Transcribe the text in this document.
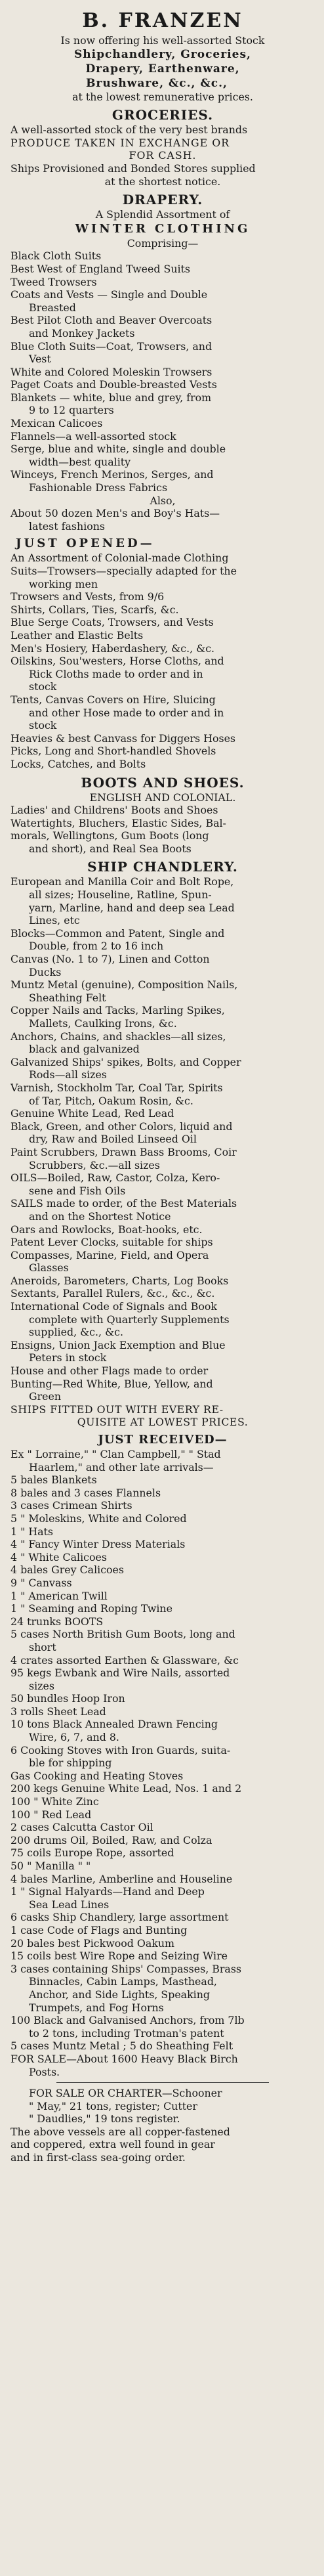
B. FRANZEN
Is now offering his well-assorted Stock
Shipchandlery, Groceries,
Drapery, Earthenware,
Brushware, &c., &c.,
at the lowest remunerative prices.
GROCERIES.
A well-assorted stock of the very best brands
PRODUCE TAKEN IN EXCHANGE OR
FOR CASH.
Ships Provisioned and Bonded Stores supplied
at the shortest notice.
DRAPERY.
A Splendid Assortment of
WINTER CLOTHING
Comprising—
Black Cloth Suits
Best West of England Tweed Suits
Tweed Trowsers
Coats and Vests — Single and Double
Breasted
Best Pilot Cloth and Beaver Overcoats
and Monkey Jackets
Blue Cloth Suits—Coat, Trowsers, and
Vest
White and Colored Moleskin Trowsers
Paget Coats and Double-breasted Vests
Blankets — white, blue and grey, from
9 to 12 quarters
Mexican Calicoes
Flannels—a well-assorted stock
Serge, blue and white, single and double
width—best quality
Winceys, French Merinos, Serges, and
Fashionable Dress Fabrics
Also,
About 50 dozen Men's and Boy's Hats—
latest fashions
JUST OPENED—
An Assortment of Colonial-made Clothing
Suits—Trowsers—specially adapted for the
working men
Trowsers and Vests, from 9/6
Shirts, Collars, Ties, Scarfs, &c.
Blue Serge Coats, Trowsers, and Vests
Leather and Elastic Belts
Men's Hosiery, Haberdashery, &c., &c.
Oilskins, Sou'westers, Horse Cloths, and
Rick Cloths made to order and in
stock
Tents, Canvas Covers on Hire, Sluicing
and other Hose made to order and in
stock
Heavies & best Canvass for Diggers Hoses
Picks, Long and Short-handled Shovels
Locks, Catches, and Bolts
BOOTS AND SHOES.
ENGLISH AND COLONIAL.
Ladies' and Childrens' Boots and Shoes
Watertights, Bluchers, Elastic Sides, Bal-
morals, Wellingtons, Gum Boots (long
and short), and Real Sea Boots
SHIP CHANDLERY.
European and Manilla Coir and Bolt Rope,
all sizes; Houseline, Ratline, Spun-
yarn, Marline, hand and deep sea Lead
Lines, etc
Blocks—Common and Patent, Single and
Double, from 2 to 16 inch
Canvas (No. 1 to 7), Linen and Cotton
Ducks
Muntz Metal (genuine), Composition Nails,
Sheathing Felt
Copper Nails and Tacks, Marling Spikes,
Mallets, Caulking Irons, &c.
Anchors, Chains, and shackles—all sizes,
black and galvanized
Galvanized Ships' spikes, Bolts, and Copper
Rods—all sizes
Varnish, Stockholm Tar, Coal Tar, Spirits
of Tar, Pitch, Oakum Rosin, &c.
Genuine White Lead, Red Lead
Black, Green, and other Colors, liquid and
dry, Raw and Boiled Linseed Oil
Paint Scrubbers, Drawn Bass Brooms, Coir
Scrubbers, &c.—all sizes
OILS—Boiled, Raw, Castor, Colza, Kero-
sene and Fish Oils
SAILS made to order, of the Best Materials
and on the Shortest Notice
Oars and Rowlocks, Boat-hooks, etc.
Patent Lever Clocks, suitable for ships
Compasses, Marine, Field, and Opera
Glasses
Aneroids, Barometers, Charts, Log Books
Sextants, Parallel Rulers, &c., &c., &c.
International Code of Signals and Book
complete with Quarterly Supplements
supplied, &c., &c.
Ensigns, Union Jack Exemption and Blue
Peters in stock
House and other Flags made to order
Bunting—Red White, Blue, Yellow, and
Green
SHIPS FITTED OUT WITH EVERY RE-
QUISITE AT LOWEST PRICES.
JUST RECEIVED—
Ex " Lorraine," " Clan Campbell," " Stad
Haarlem," and other late arrivals—
5 bales Blankets
8 bales and 3 cases Flannels
3 cases Crimean Shirts
5 " Moleskins, White and Colored
1 " Hats
4 " Fancy Winter Dress Materials
4 " White Calicoes
4 bales Grey Calicoes
9 " Canvass
1 " American Twill
1 " Seaming and Roping Twine
24 trunks BOOTS
5 cases North British Gum Boots, long and
short
4 crates assorted Earthen & Glassware, &c
95 kegs Ewbank and Wire Nails, assorted
sizes
50 bundles Hoop Iron
3 rolls Sheet Lead
10 tons Black Annealed Drawn Fencing
Wire, 6, 7, and 8.
6 Cooking Stoves with Iron Guards, suita-
ble for shipping
Gas Cooking and Heating Stoves
200 kegs Genuine White Lead, Nos. 1 and 2
100 " White Zinc
100 " Red Lead
2 cases Calcutta Castor Oil
200 drums Oil, Boiled, Raw, and Colza
75 coils Europe Rope, assorted
50 " Manilla " "
4 bales Marline, Amberline and Houseline
1 " Signal Halyards—Hand and Deep
Sea Lead Lines
6 casks Ship Chandlery, large assortment
1 case Code of Flags and Bunting
20 bales best Pickwood Oakum
15 coils best Wire Rope and Seizing Wire
3 cases containing Ships' Compasses, Brass
Binnacles, Cabin Lamps, Masthead,
Anchor, and Side Lights, Speaking
Trumpets, and Fog Horns
100 Black and Galvanised Anchors, from 7lb
to 2 tons, including Trotman's patent
5 cases Muntz Metal ; 5 do Sheathing Felt
FOR SALE—About 1600 Heavy Black Birch
Posts.
FOR SALE OR CHARTER—Schooner
" May," 21 tons, register; Cutter
" Daudlies," 19 tons register.
The above vessels are all copper-fastened
and coppered, extra well found in gear
and in first-class sea-going order.
